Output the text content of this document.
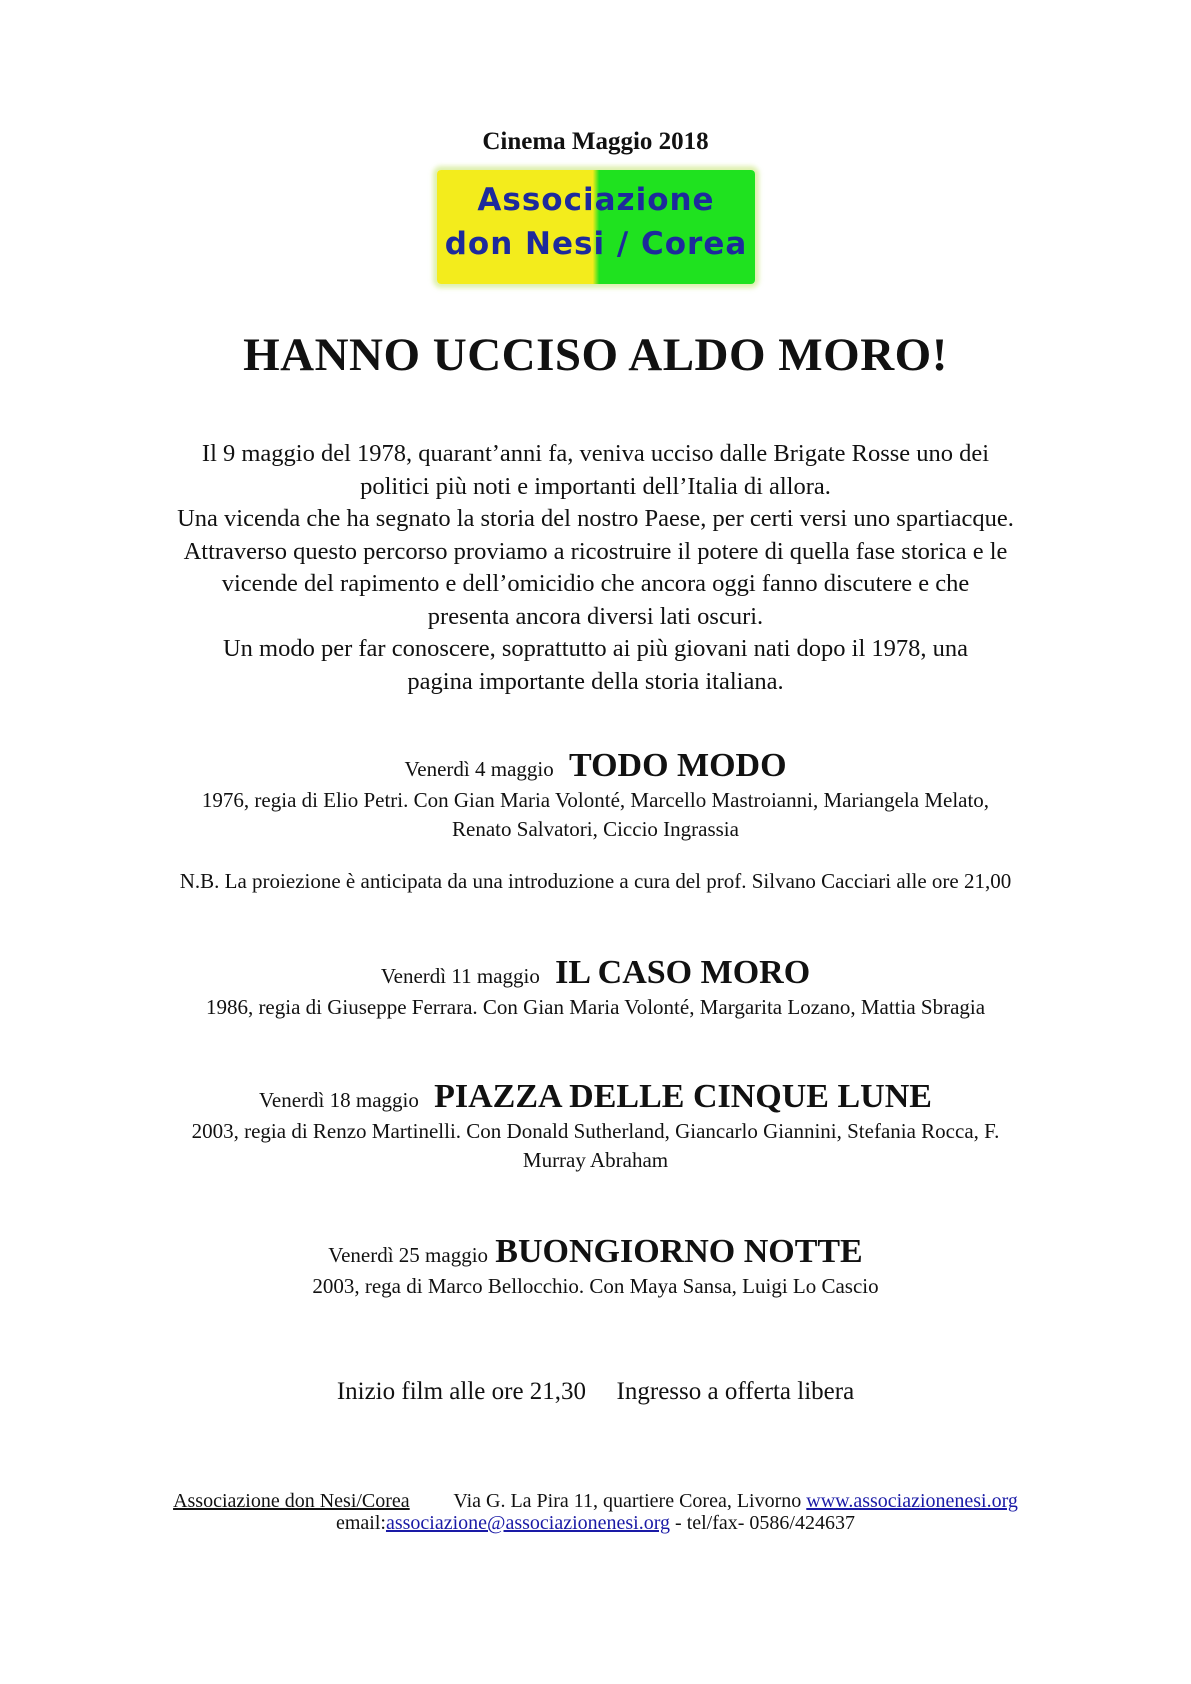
Cinema Maggio 2018
Associazione
don Nesi / Corea
HANNO UCCISO ALDO MORO!

Il 9 maggio del 1978, quarant’anni fa, veniva ucciso dalle Brigate Rosse uno dei politici più noti e importanti dell’Italia di allora.

Una vicenda che ha segnato la storia del nostro Paese, per certi versi uno spartiacque.

Attraverso questo percorso proviamo a ricostruire il potere di quella fase storica e le vicende del rapimento e dell’omicidio che ancora oggi fanno discutere e che presenta ancora diversi lati oscuri.

Un modo per far conoscere, soprattutto ai più giovani nati dopo il 1978, una pagina importante della storia italiana.

Venerdì 4 maggio TODO MODO
1976, regia di Elio Petri. Con Gian Maria Volonté, Marcello Mastroianni, Mariangela Melato,
Renato Salvatori, Ciccio Ingrassia
N.B. La proiezione è anticipata da una introduzione a cura del prof. Silvano Cacciari alle ore 21,00
Venerdì 11 maggio IL CASO MORO
1986, regia di Giuseppe Ferrara. Con Gian Maria Volonté, Margarita Lozano, Mattia Sbragia
Venerdì 18 maggio PIAZZA DELLE CINQUE LUNE
2003, regia di Renzo Martinelli. Con Donald Sutherland, Giancarlo Giannini, Stefania Rocca, F.
Murray Abraham
Venerdì 25 maggio BUONGIORNO NOTTE
2003, rega di Marco Bellocchio. Con Maya Sansa, Luigi Lo Cascio
Inizio film alle ore 21,30 Ingresso a offerta libera
Associazione don Nesi/Corea Via G. La Pira 11, quartiere Corea, Livorno www.associazionenesi.org
email:associazione@associazionenesi.org - tel/fax- 0586/424637
